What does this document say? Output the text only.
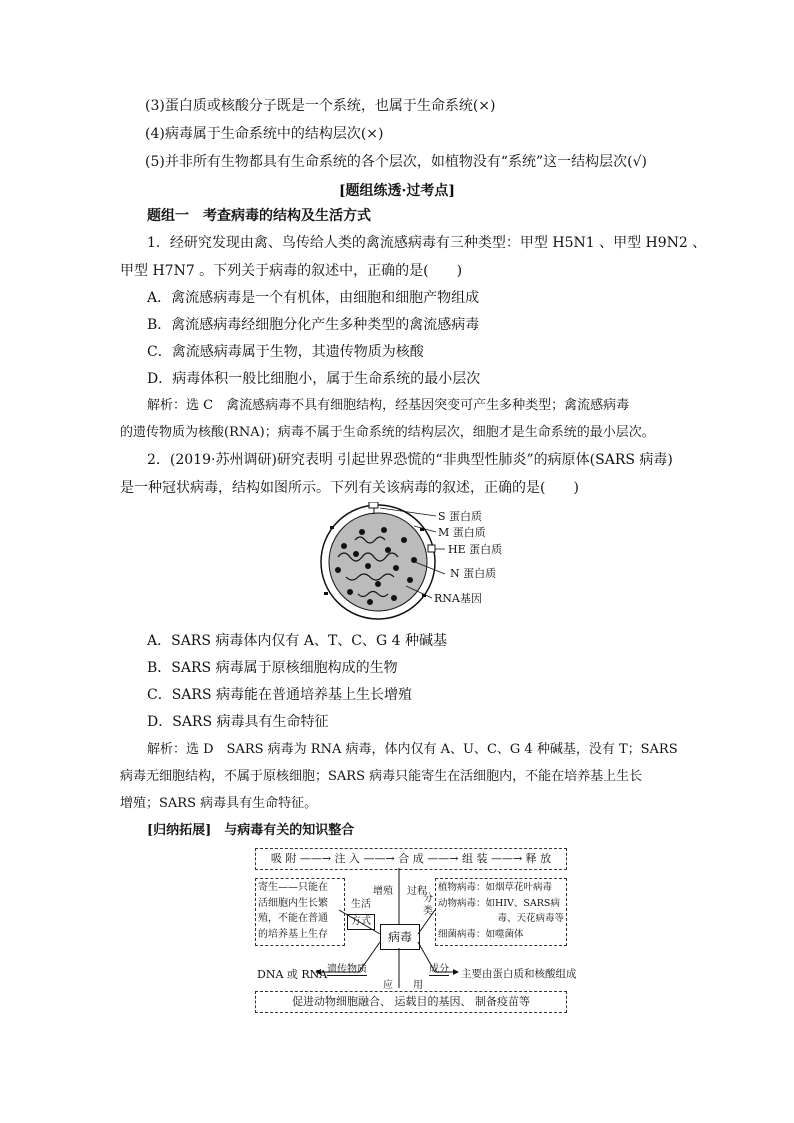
(3)蛋白质或核酸分子既是一个系统，也属于生命系统(×)
(4)病毒属于生命系统中的结构层次(×)
(5)并非所有生物都具有生命系统的各个层次，如植物没有“系统”这一结构层次(√)
[题组练透·过考点]
题组一　考查病毒的结构及生活方式
1．经研究发现由禽、鸟传给人类的禽流感病毒有三种类型：甲型 H5N1 、甲型 H9N2 、
甲型 H7N7 。下列关于病毒的叙述中，正确的是(　　)
A．禽流感病毒是一个有机体，由细胞和细胞产物组成
B．禽流感病毒经细胞分化产生多种类型的禽流感病毒
C．禽流感病毒属于生物，其遗传物质为核酸
D．病毒体积一般比细胞小，属于生命系统的最小层次
解析：选 C　禽流感病毒不具有细胞结构，经基因突变可产生多种类型；禽流感病毒
的遗传物质为核酸(RNA)；病毒不属于生命系统的结构层次，细胞才是生命系统的最小层次。
2．(2019·苏州调研)研究表明 引起世界恐慌的“非典型性肺炎”的病原体(SARS 病毒)
是一种冠状病毒，结构如图所示。下列有关该病毒的叙述，正确的是(　　)
S 蛋白质
M 蛋白质
HE 蛋白质
N 蛋白质
RNA基因
A．SARS 病毒体内仅有 A、T、C、G 4 种碱基
B．SARS 病毒属于原核细胞构成的生物
C．SARS 病毒能在普通培养基上生长增殖
D．SARS 病毒具有生命特征
解析：选 D　SARS 病毒为 RNA 病毒，体内仅有 A、U、C、G 4 种碱基，没有 T；SARS
病毒无细胞结构，不属于原核细胞；SARS 病毒只能寄生在活细胞内，不能在培养基上生长
增殖；SARS 病毒具有生命特征。
[归纳拓展]　与病毒有关的知识整合
吸 附 ——→ 注 入 ——→ 合 成 ——→ 组 装 ——→ 释 放
寄生——只能在
活细胞内生长繁
殖，不能在普通
的培养基上生存
植物病毒：如烟草花叶病毒
动物病毒：如HIV、SARS病
毒、天花病毒等
细菌病毒：如噬菌体
病毒
增殖 过程
生活
方式
分
类
遗传物质
DNA 或 RNA	成分 主要由蛋白质和核酸组成
应　　 用
促进动物细胞融合、 运载目的基因、 制备疫苗等
